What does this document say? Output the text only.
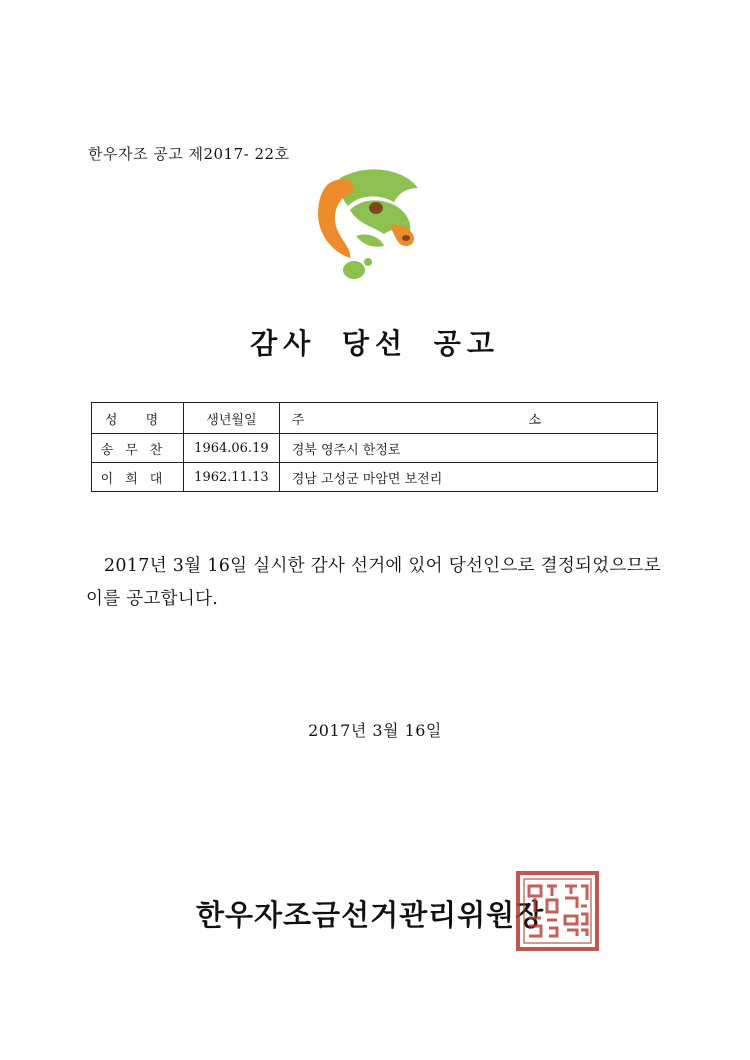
한우자조 공고 제2017- 22호
감사 당선 공고
성 명	생년월일	주 소
송무찬	1964.06.19	경북 영주시 한정로
이희대	1962.11.13	경남 고성군 마암면 보전리
2017년 3월 16일 실시한 감사 선거에 있어 당선인으로 결정되었으므로 이를 공고합니다.
2017년 3월 16일
한우자조금선거관리위원장
